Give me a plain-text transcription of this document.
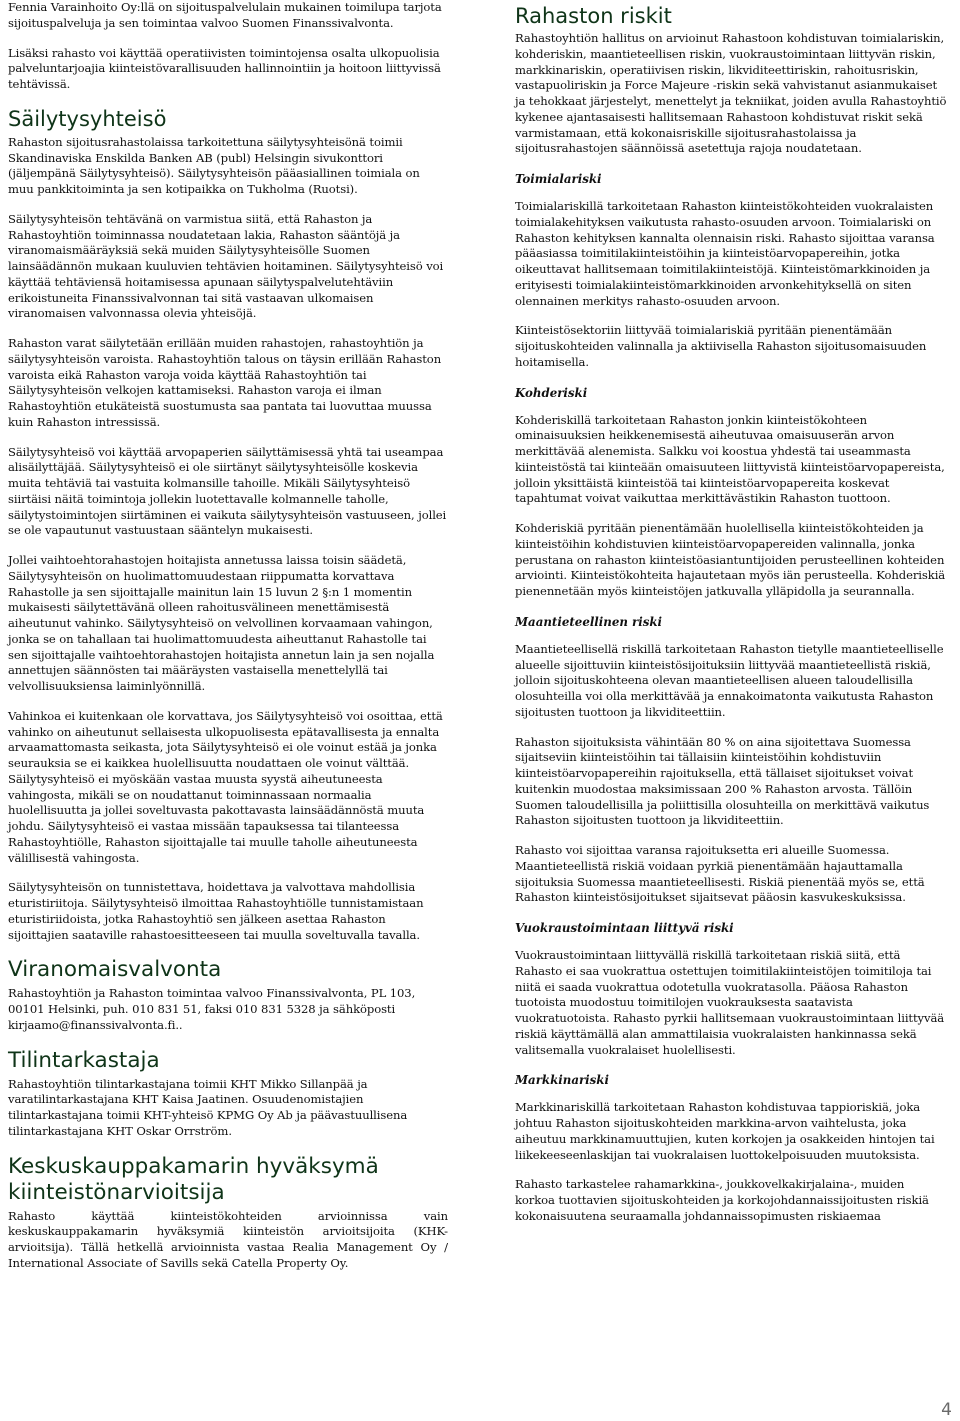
Fennia Varainhoito Oy:llä on sijoituspalvelulain mukainen toimilupa tarjota sijoituspalveluja ja sen toimintaa valvoo Suomen Finanssivalvonta.

Lisäksi rahasto voi käyttää operatiivisten toimintojensa osalta ulkopuolisia palveluntarjoajia kiinteistövarallisuuden hallinnointiin ja hoitoon liittyvissä tehtävissä.

Säilytysyhteisö

Rahaston sijoitusrahastolaissa tarkoitettuna säilytysyhteisönä toimii Skandinaviska Enskilda Banken AB (publ) Helsingin sivukonttori (jäljempänä Säilytysyhteisö). Säilytysyhteisön pääasiallinen toimiala on muu pankkitoiminta ja sen kotipaikka on Tukholma (Ruotsi).

Säilytysyhteisön tehtävänä on varmistua siitä, että Rahaston ja Rahastoyhtiön toiminnassa noudatetaan lakia, Rahaston sääntöjä ja viranomaismääräyksiä sekä muiden Säilytysyhteisölle Suomen lainsäädännön mukaan kuuluvien tehtävien hoitaminen. Säilytysyhteisö voi käyttää tehtäviensä hoitamisessa apunaan säilytyspalvelutehtäviin erikoistuneita Finanssivalvonnan tai sitä vastaavan ulkomaisen viranomaisen valvonnassa olevia yhteisöjä.

Rahaston varat säilytetään erillään muiden rahastojen, rahastoyhtiön ja säilytysyhteisön varoista. Rahastoyhtiön talous on täysin erillään Rahaston varoista eikä Rahaston varoja voida käyttää Rahastoyhtiön tai Säilytysyhteisön velkojen kattamiseksi. Rahaston varoja ei ilman Rahastoyhtiön etukäteistä suostumusta saa pantata tai luovuttaa muussa kuin Rahaston intressissä.

Säilytysyhteisö voi käyttää arvopaperien säilyttämisessä yhtä tai useampaa alisäilyttäjää. Säilytysyhteisö ei ole siirtänyt säilytysyhteisölle koskevia muita tehtäviä tai vastuita kolmansille tahoille. Mikäli Säilytysyhteisö siirtäisi näitä toimintoja jollekin luotettavalle kolmannelle taholle, säilytystoimintojen siirtäminen ei vaikuta säilytysyhteisön vastuuseen, jollei se ole vapautunut vastuustaan sääntelyn mukaisesti.

Jollei vaihtoehtorahastojen hoitajista annetussa laissa toisin säädetä, Säilytysyhteisön on huolimattomuudestaan riippumatta korvattava Rahastolle ja sen sijoittajalle mainitun lain 15 luvun 2 §:n 1 momentin mukaisesti säilytettävänä olleen rahoitusvälineen menettämisestä aiheutunut vahinko. Säilytysyhteisö on velvollinen korvaamaan vahingon, jonka se on tahallaan tai huolimattomuudesta aiheuttanut Rahastolle tai sen sijoittajalle vaihtoehtorahastojen hoitajista annetun lain ja sen nojalla annettujen säännösten tai määräysten vastaisella menettelyllä tai velvollisuuksiensa laiminlyönnillä.

Vahinkoa ei kuitenkaan ole korvattava, jos Säilytysyhteisö voi osoittaa, että vahinko on aiheutunut sellaisesta ulkopuolisesta epätavallisesta ja ennalta arvaamattomasta seikasta, jota Säilytysyhteisö ei ole voinut estää ja jonka seurauksia se ei kaikkea huolellisuutta noudattaen ole voinut välttää. Säilytysyhteisö ei myöskään vastaa muusta syystä aiheutuneesta vahingosta, mikäli se on noudattanut toiminnassaan normaalia huolellisuutta ja jollei soveltuvasta pakottavasta lainsäädännöstä muuta johdu. Säilytysyhteisö ei vastaa missään tapauksessa tai tilanteessa Rahastoyhtiölle, Rahaston sijoittajalle tai muulle taholle aiheutuneesta välillisestä vahingosta.

Säilytysyhteisön on tunnistettava, hoidettava ja valvottava mahdollisia eturistiriitoja. Säilytysyhteisö ilmoittaa Rahastoyhtiölle tunnistamistaan eturistiriidoista, jotka Rahastoyhtiö sen jälkeen asettaa Rahaston sijoittajien saataville rahastoesitteeseen tai muulla soveltuvalla tavalla.

Viranomaisvalvonta

Rahastoyhtiön ja Rahaston toimintaa valvoo Finanssivalvonta, PL 103, 00101 Helsinki, puh. 010 831 51, faksi 010 831 5328 ja sähköposti kirjaamo@finanssivalvonta.fi..

Tilintarkastaja

Rahastoyhtiön tilintarkastajana toimii KHT Mikko Sillanpää ja varatilintarkastajana KHT Kaisa Jaatinen. Osuudenomistajien tilintarkastajana toimii KHT-yhteisö KPMG Oy Ab ja päävastuullisena tilintarkastajana KHT Oskar Orrström.

Keskuskauppakamarin hyväksymä kiinteistönarvioitsija

Rahasto käyttää kiinteistökohteiden arvioinnissa vain keskuskauppakamarin hyväksymiä kiinteistön arvioitsijoita (KHK-arvioitsija). Tällä hetkellä arvioinnista vastaa Realia Management Oy / International Associate of Savills sekä Catella Property Oy.

Rahaston riskit

Rahastoyhtiön hallitus on arvioinut Rahastoon kohdistuvan toimialariskin, kohderiskin, maantieteellisen riskin, vuokraustoimintaan liittyvän riskin, markkinariskin, operatiivisen riskin, likviditeettiriskin, rahoitusriskin, vastapuoliriskin ja Force Majeure -riskin sekä vahvistanut asianmukaiset ja tehokkaat järjestelyt, menettelyt ja tekniikat, joiden avulla Rahastoyhtiö kykenee ajantasaisesti hallitsemaan Rahastoon kohdistuvat riskit sekä varmistamaan, että kokonaisriskille sijoitusrahastolaissa ja sijoitusrahastojen säännöissä asetettuja rajoja noudatetaan.

Toimialariski

Toimialariskillä tarkoitetaan Rahaston kiinteistökohteiden vuokralaisten toimialakehityksen vaikutusta rahasto-osuuden arvoon. Toimialariski on Rahaston kehityksen kannalta olennaisin riski. Rahasto sijoittaa varansa pääasiassa toimitilakiinteistöihin ja kiinteistöarvopapereihin, jotka oikeuttavat hallitsemaan toimitilakiinteistöjä. Kiinteistömarkkinoiden ja erityisesti toimialakiinteistömarkkinoiden arvonkehityksellä on siten olennainen merkitys rahasto-osuuden arvoon.

Kiinteistösektoriin liittyvää toimialariskiä pyritään pienentämään sijoituskohteiden valinnalla ja aktiivisella Rahaston sijoitusomaisuuden hoitamisella.

Kohderiski

Kohderiskillä tarkoitetaan Rahaston jonkin kiinteistökohteen ominaisuuksien heikkenemisestä aiheutuvaa omaisuuserän arvon merkittävää alenemista. Salkku voi koostua yhdestä tai useammasta kiinteistöstä tai kiinteään omaisuuteen liittyvistä kiinteistöarvopapereista, jolloin yksittäistä kiinteistöä tai kiinteistöarvopapereita koskevat tapahtumat voivat vaikuttaa merkittävästikin Rahaston tuottoon.

Kohderiskiä pyritään pienentämään huolellisella kiinteistökohteiden ja kiinteistöihin kohdistuvien kiinteistöarvopapereiden valinnalla, jonka perustana on rahaston kiinteistöasiantuntijoiden perusteellinen kohteiden arviointi. Kiinteistökohteita hajautetaan myös iän perusteella. Kohderiskiä pienennetään myös kiinteistöjen jatkuvalla ylläpidolla ja seurannalla.

Maantieteellinen riski

Maantieteellisellä riskillä tarkoitetaan Rahaston tietylle maantieteelliselle alueelle sijoittuviin kiinteistösijoituksiin liittyvää maantieteellistä riskiä, jolloin sijoituskohteena olevan maantieteellisen alueen taloudellisilla olosuhteilla voi olla merkittävää ja ennakoimatonta vaikutusta Rahaston sijoitusten tuottoon ja likviditeettiin.

Rahaston sijoituksista vähintään 80 % on aina sijoitettava Suomessa sijaitseviin kiinteistöihin tai tällaisiin kiinteistöihin kohdistuviin kiinteistöarvopapereihin rajoituksella, että tällaiset sijoitukset voivat kuitenkin muodostaa maksimissaan 200 % Rahaston arvosta. Tällöin Suomen taloudellisilla ja poliittisilla olosuhteilla on merkittävä vaikutus Rahaston sijoitusten tuottoon ja likviditeettiin.

Rahasto voi sijoittaa varansa rajoituksetta eri alueille Suomessa. Maantieteellistä riskiä voidaan pyrkiä pienentämään hajauttamalla sijoituksia Suomessa maantieteellisesti. Riskiä pienentää myös se, että Rahaston kiinteistösijoitukset sijaitsevat pääosin kasvukeskuksissa.

Vuokraustoimintaan liittyvä riski

Vuokraustoimintaan liittyvällä riskillä tarkoitetaan riskiä siitä, että Rahasto ei saa vuokrattua ostettujen toimitilakiinteistöjen toimitiloja tai niitä ei saada vuokrattua odotetulla vuokratasolla. Pääosa Rahaston tuotoista muodostuu toimitilojen vuokrauksesta saatavista vuokratuotoista. Rahasto pyrkii hallitsemaan vuokraustoimintaan liittyvää riskiä käyttämällä alan ammattilaisia vuokralaisten hankinnassa sekä valitsemalla vuokralaiset huolellisesti.

Markkinariski

Markkinariskillä tarkoitetaan Rahaston kohdistuvaa tappioriskiä, joka johtuu Rahaston sijoituskohteiden markkina-arvon vaihtelusta, joka aiheutuu markkinamuuttujien, kuten korkojen ja osakkeiden hintojen tai liikekeeseenlaskijan tai vuokralaisen luottokelpoisuuden muutoksista.

Rahasto tarkastelee rahamarkkina-, joukkovelkakirjalaina-, muiden korkoa tuottavien sijoituskohteiden ja korkojohdannaissijoitusten riskiä kokonaisuutena seuraamalla johdannaissopimusten riskiaemaa

4
